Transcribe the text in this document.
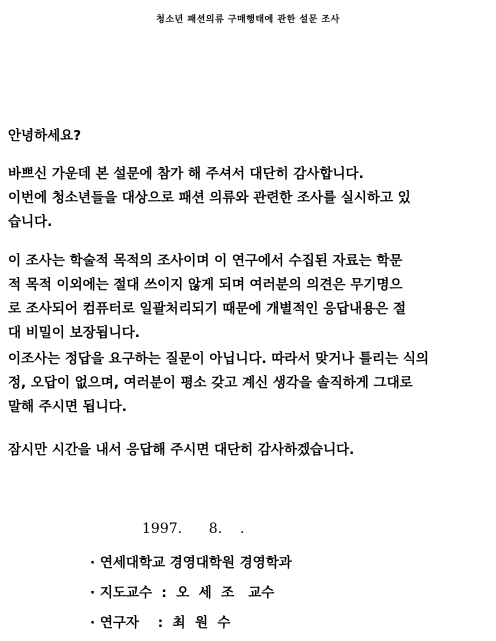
청소년 패션의류 구매행태에 관한 설문 조사
안녕하세요?
바쁘신 가운데 본 설문에 참가 해 주셔서 대단히 감사합니다.
이번에 청소년들을 대상으로 패션 의류와 관련한 조사를 실시하고 있
습니다.
이 조사는 학술적 목적의 조사이며 이 연구에서 수집된 자료는 학문
적 목적 이외에는 절대 쓰이지 않게 되며 여러분의 의견은 무기명으
로 조사되어 컴퓨터로 일괄처리되기 때문에 개별적인 응답내용은 절
대 비밀이 보장됩니다.
이조사는 정답을 요구하는 질문이 아닙니다. 따라서 맞거나 틀리는 식의
정, 오답이 없으며, 여러분이 평소 갖고 계신 생각을 솔직하게 그대로
말해 주시면 됩니다.
잠시만 시간을 내서 응답해 주시면 대단히 감사하겠습니다.
1997.      8.    .
· 연세대학교 경영대학원 경영학과
· 지도교수  :  오  세  조   교수
· 연구자    :  최  원  수
